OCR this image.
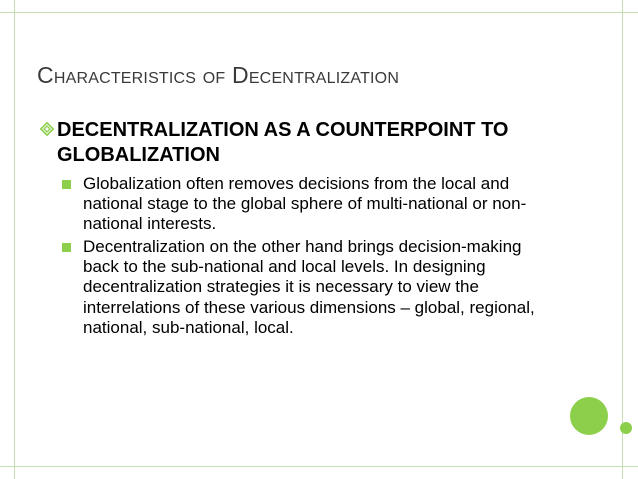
CHARACTERISTICS OF DECENTRALIZATION
DECENTRALIZATION AS A COUNTERPOINT TO GLOBALIZATION
Globalization often removes decisions from the local and national stage to the global sphere of multi-national or non-national interests.
Decentralization on the other hand brings decision-making back to the sub-national and local levels. In designing decentralization strategies it is necessary to view the interrelations of these various dimensions – global, regional, national, sub-national, local.
